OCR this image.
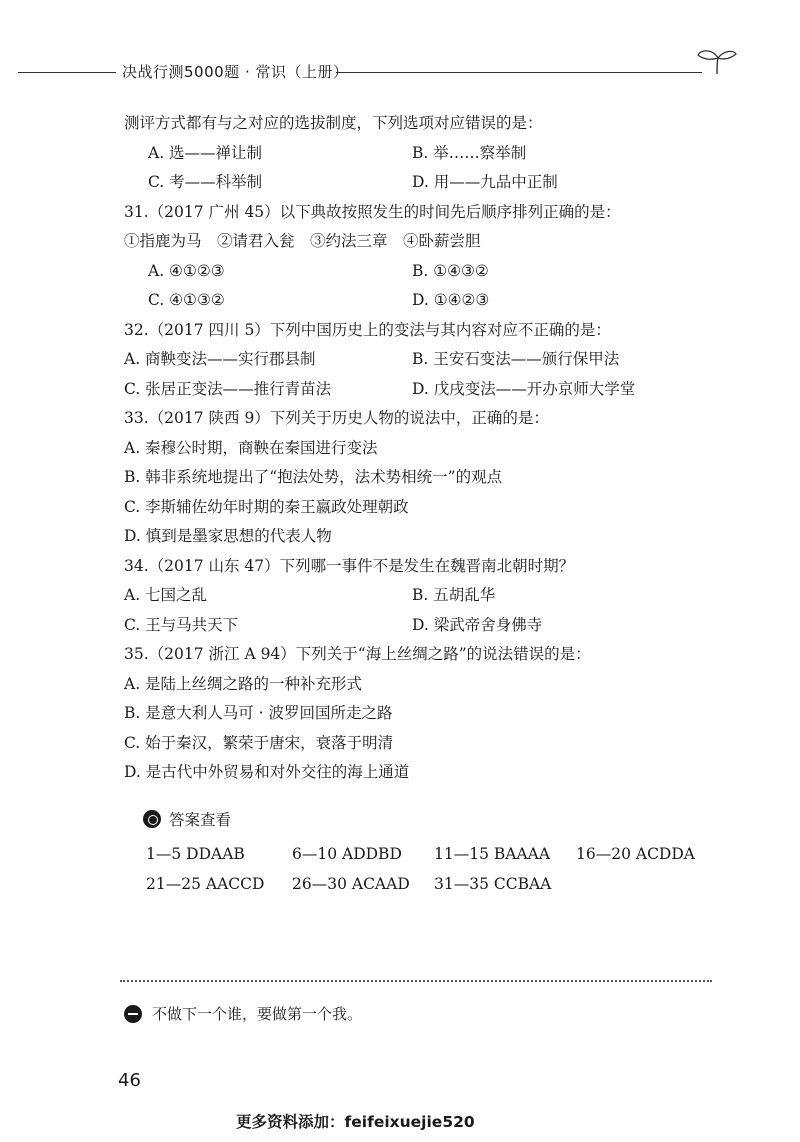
决战行测5000题 · 常识（上册）
测评方式都有与之对应的选拔制度，下列选项对应错误的是：
A. 选——禅让制	B. 举……察举制
C. 考——科举制	D. 用——九品中正制
31.（2017 广州 45）以下典故按照发生的时间先后顺序排列正确的是：
①指鹿为马　②请君入瓮　③约法三章　④卧薪尝胆
A. ④①②③	B. ①④③②
C. ④①③②	D. ①④②③
32.（2017 四川 5）下列中国历史上的变法与其内容对应不正确的是：
A. 商鞅变法——实行郡县制	B. 王安石变法——颁行保甲法
C. 张居正变法——推行青苗法	D. 戊戌变法——开办京师大学堂
33.（2017 陕西 9）下列关于历史人物的说法中，正确的是：
A. 秦穆公时期，商鞅在秦国进行变法
B. 韩非系统地提出了“抱法处势，法术势相统一”的观点
C. 李斯辅佐幼年时期的秦王嬴政处理朝政
D. 慎到是墨家思想的代表人物
34.（2017 山东 47）下列哪一事件不是发生在魏晋南北朝时期？
A. 七国之乱	B. 五胡乱华
C. 王与马共天下	D. 梁武帝舍身佛寺
35.（2017 浙江 A 94）下列关于“海上丝绸之路”的说法错误的是：
A. 是陆上丝绸之路的一种补充形式
B. 是意大利人马可 · 波罗回国所走之路
C. 始于秦汉，繁荣于唐宋，衰落于明清
D. 是古代中外贸易和对外交往的海上通道
答案查看
1—5 DDAAB	6—10 ADDBD 11—15 BAAAA 16—20 ACDDA
21—25 AACCD 26—30 ACAAD 31—35 CCBAA
不做下一个谁，要做第一个我。
46
更多资料添加：feifeixuejie520
